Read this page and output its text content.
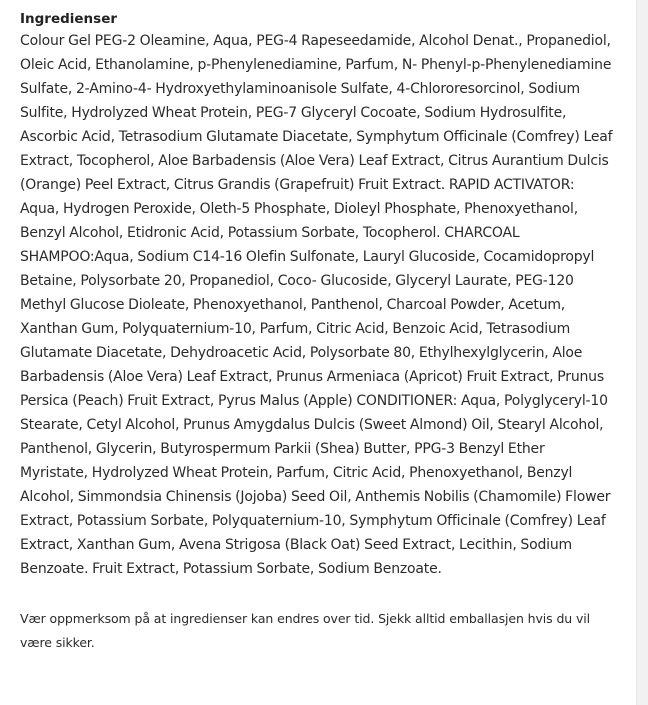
Ingredienser

Colour Gel PEG-2 Oleamine, Aqua, PEG-4 Rapeseedamide, Alcohol Denat., Propanediol, Oleic Acid, Ethanolamine, p-Phenylenediamine, Parfum, N- Phenyl-p-Phenylenediamine Sulfate, 2-Amino-4- Hydroxyethylaminoanisole Sulfate, 4-Chlororesorcinol, Sodium Sulfite, Hydrolyzed Wheat Protein, PEG-7 Glyceryl Cocoate, Sodium Hydrosulfite, Ascorbic Acid, Tetrasodium Glutamate Diacetate, Symphytum Officinale (Comfrey) Leaf Extract, Tocopherol, Aloe Barbadensis (Aloe Vera) Leaf Extract, Citrus Aurantium Dulcis (Orange) Peel Extract, Citrus Grandis (Grapefruit) Fruit Extract. RAPID ACTIVATOR: Aqua, Hydrogen Peroxide, Oleth-5 Phosphate, Dioleyl Phosphate, Phenoxyethanol, Benzyl Alcohol, Etidronic Acid, Potassium Sorbate, Tocopherol. CHARCOAL SHAMPOO:Aqua, Sodium C14-16 Olefin Sulfonate, Lauryl Glucoside, Cocamidopropyl Betaine, Polysorbate 20, Propanediol, Coco- Glucoside, Glyceryl Laurate, PEG-120 Methyl Glucose Dioleate, Phenoxyethanol, Panthenol, Charcoal Powder, Acetum, Xanthan Gum, Polyquaternium-10, Parfum, Citric Acid, Benzoic Acid, Tetrasodium Glutamate Diacetate, Dehydroacetic Acid, Polysorbate 80, Ethylhexylglycerin, Aloe Barbadensis (Aloe Vera) Leaf Extract, Prunus Armeniaca (Apricot) Fruit Extract, Prunus Persica (Peach) Fruit Extract, Pyrus Malus (Apple) CONDITIONER: Aqua, Polyglyceryl-10 Stearate, Cetyl Alcohol, Prunus Amygdalus Dulcis (Sweet Almond) Oil, Stearyl Alcohol, Panthenol, Glycerin, Butyrospermum Parkii (Shea) Butter, PPG-3 Benzyl Ether Myristate, Hydrolyzed Wheat Protein, Parfum, Citric Acid, Phenoxyethanol, Benzyl Alcohol, Simmondsia Chinensis (Jojoba) Seed Oil, Anthemis Nobilis (Chamomile) Flower Extract, Potassium Sorbate, Polyquaternium-10, Symphytum Officinale (Comfrey) Leaf Extract, Xanthan Gum, Avena Strigosa (Black Oat) Seed Extract, Lecithin, Sodium Benzoate. Fruit Extract, Potassium Sorbate, Sodium Benzoate.

Vær oppmerksom på at ingredienser kan endres over tid. Sjekk alltid emballasjen hvis du vil være sikker.
